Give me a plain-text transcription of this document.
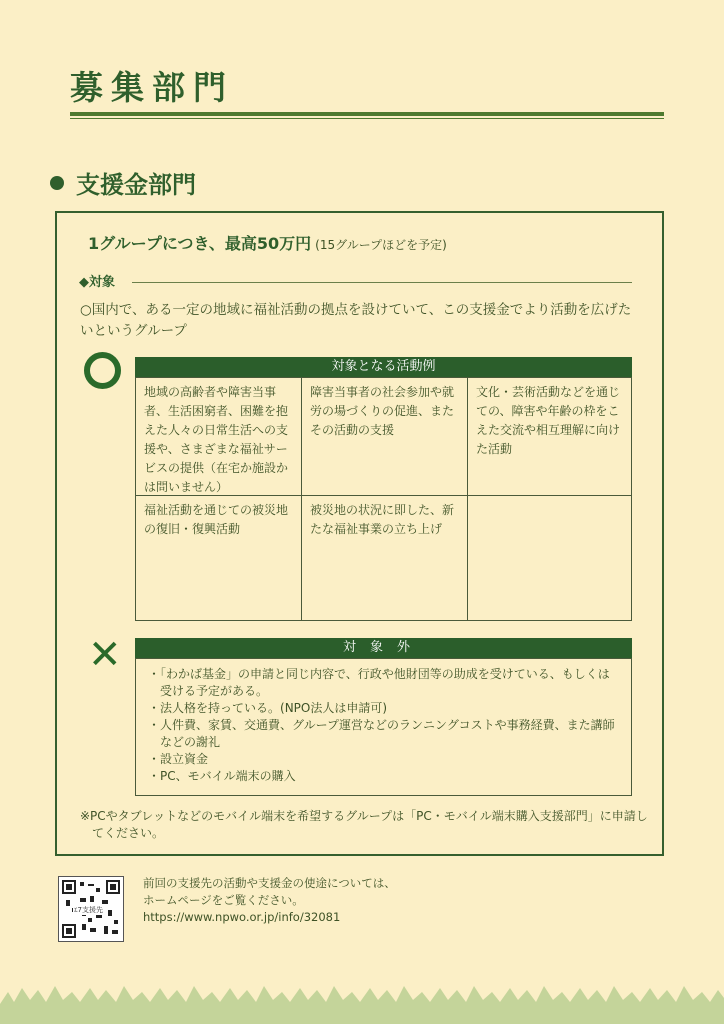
募集部門
支援金部門
1グループにつき、最高50万円 (15グループほどを予定)
◆対象
○国内で、ある一定の地域に福祉活動の拠点を設けていて、この支援金でより活動を広げたいというグループ
対象となる活動例
地域の高齢者や障害当事者、生活困窮者、困難を抱えた人々の日常生活への支援や、さまざまな福祉サービスの提供（在宅か施設かは問いません）
障害当事者の社会参加や就労の場づくりの促進、またその活動の支援
文化・芸術活動などを通じての、障害や年齢の枠をこえた交流や相互理解に向けた活動
福祉活動を通じての被災地の復旧・復興活動
被災地の状況に即した、新たな福祉事業の立ち上げ
✕	対象外
・ 「わかば基金」の申請と同じ内容で、行政や他財団等の助成を受けている、もしくは受ける予定がある。
・ 法人格を持っている。(NPO法人は申請可)
・ 人件費、家賃、交通費、グループ運営などのランニングコストや事務経費、また講師などの謝礼
・ 設立資金
・ PC、モバイル端末の購入
※PCやタブレットなどのモバイル端末を希望するグループは「PC・モバイル端末購入支援部門」に申請してください。
ｴ7支援先
前回の支援先の活動や支援金の使途については、
ホームページをご覧ください。
https://www.npwo.or.jp/info/32081
